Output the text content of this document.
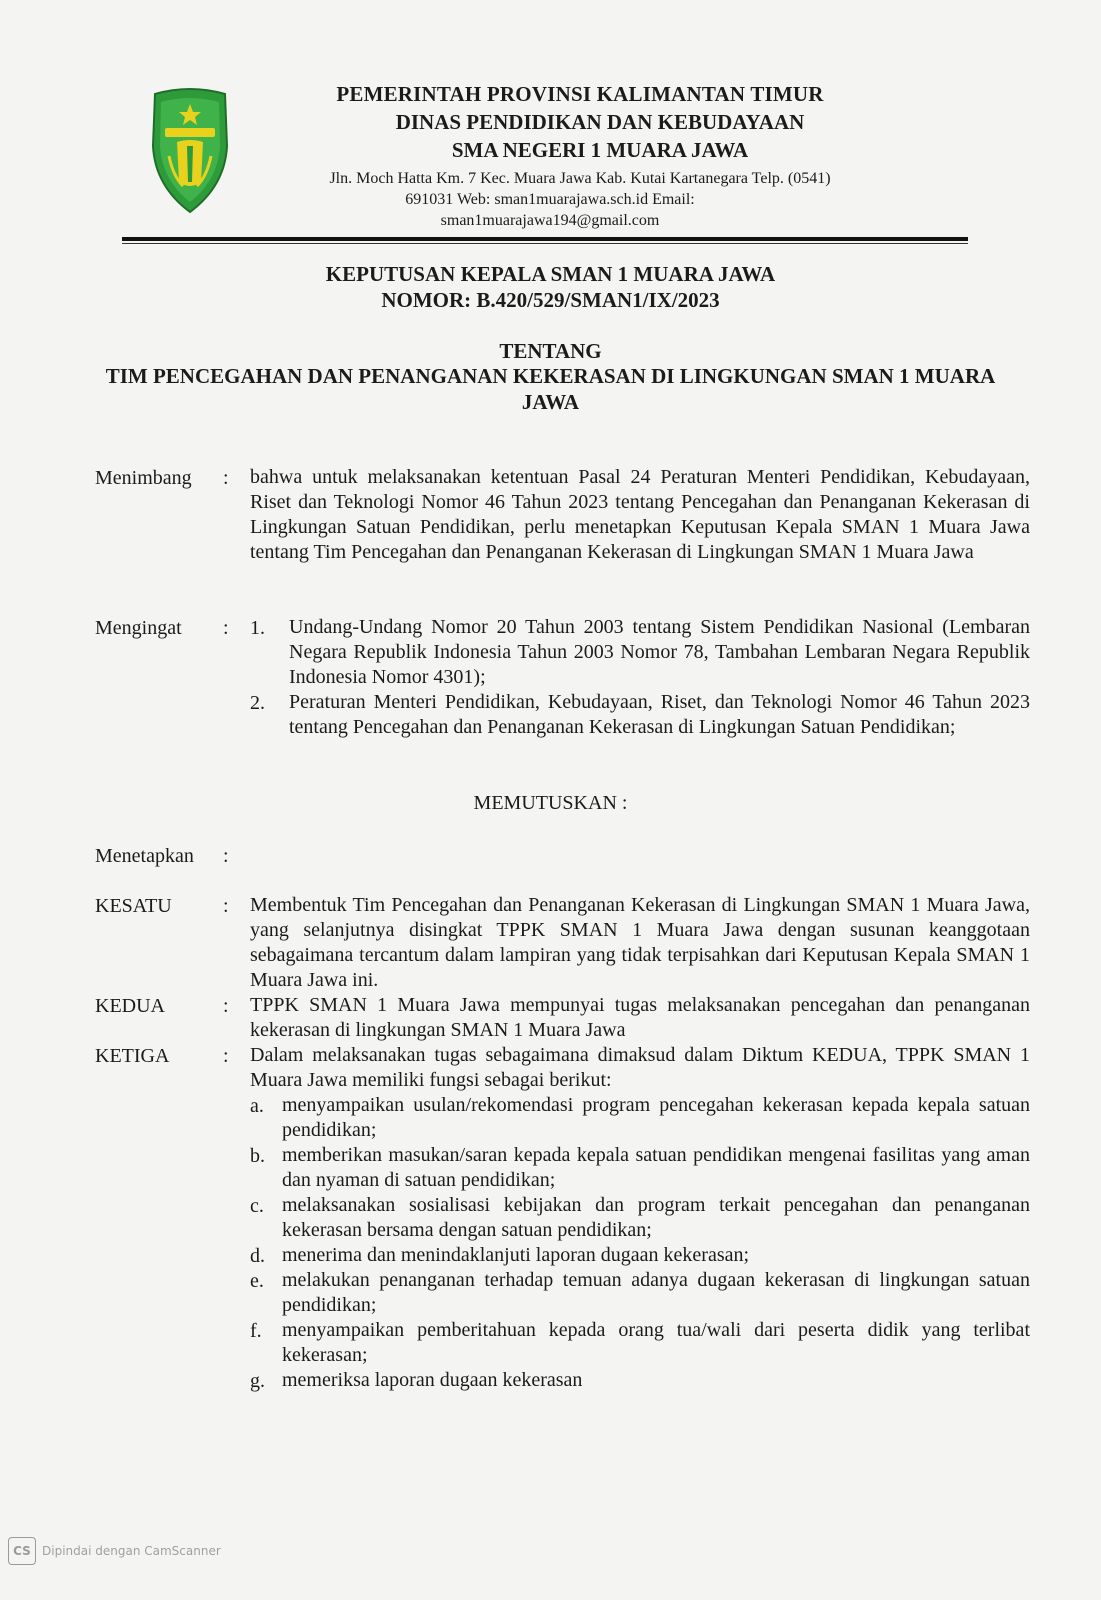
PEMERINTAH PROVINSI KALIMANTAN TIMUR
DINAS PENDIDIKAN DAN KEBUDAYAAN
SMA NEGERI 1 MUARA JAWA
Jln. Moch Hatta Km. 7 Kec. Muara Jawa Kab. Kutai Kartanegara Telp. (0541)
691031 Web: sman1muarajawa.sch.id Email:
sman1muarajawa194@gmail.com
KEPUTUSAN KEPALA SMAN 1 MUARA JAWA
NOMOR: B.420/529/SMAN1/IX/2023
TENTANG
TIM PENCEGAHAN DAN PENANGANAN KEKERASAN DI LINGKUNGAN SMAN 1 MUARA
JAWA
Menimbang : bahwa untuk melaksanakan ketentuan Pasal 24 Peraturan Menteri Pendidikan, Kebudayaan, Riset dan Teknologi Nomor 46 Tahun 2023 tentang Pencegahan dan Penanganan Kekerasan di Lingkungan Satuan Pendidikan, perlu menetapkan Keputusan Kepala SMAN 1 Muara Jawa tentang Tim Pencegahan dan Penanganan Kekerasan di Lingkungan SMAN 1 Muara Jawa
Mengingat : 1. Undang-Undang Nomor 20 Tahun 2003 tentang Sistem Pendidikan Nasional (Lembaran Negara Republik Indonesia Tahun 2003 Nomor 78, Tambahan Lembaran Negara Republik Indonesia Nomor 4301);
2. Peraturan Menteri Pendidikan, Kebudayaan, Riset, dan Teknologi Nomor 46 Tahun 2023 tentang Pencegahan dan Penanganan Kekerasan di Lingkungan Satuan Pendidikan;
MEMUTUSKAN :
Menetapkan :
KESATU	: Membentuk Tim Pencegahan dan Penanganan Kekerasan di Lingkungan SMAN 1 Muara Jawa, yang selanjutnya disingkat TPPK SMAN 1 Muara Jawa dengan susunan keanggotaan sebagaimana tercantum dalam lampiran yang tidak terpisahkan dari Keputusan Kepala SMAN 1 Muara Jawa ini.
KEDUA	: TPPK SMAN 1 Muara Jawa mempunyai tugas melaksanakan pencegahan dan penanganan kekerasan di lingkungan SMAN 1 Muara Jawa
KETIGA	: Dalam melaksanakan tugas sebagaimana dimaksud dalam Diktum KEDUA, TPPK SMAN 1 Muara Jawa memiliki fungsi sebagai berikut:
a. menyampaikan usulan/rekomendasi program pencegahan kekerasan kepada kepala satuan pendidikan;
b. memberikan masukan/saran kepada kepala satuan pendidikan mengenai fasilitas yang aman dan nyaman di satuan pendidikan;
c. melaksanakan sosialisasi kebijakan dan program terkait pencegahan dan penanganan kekerasan bersama dengan satuan pendidikan;
d. menerima dan menindaklanjuti laporan dugaan kekerasan;
e. melakukan penanganan terhadap temuan adanya dugaan kekerasan di lingkungan satuan pendidikan;
f. menyampaikan pemberitahuan kepada orang tua/wali dari peserta didik yang terlibat kekerasan;
g. memeriksa laporan dugaan kekerasan
CS Dipindai dengan CamScanner
